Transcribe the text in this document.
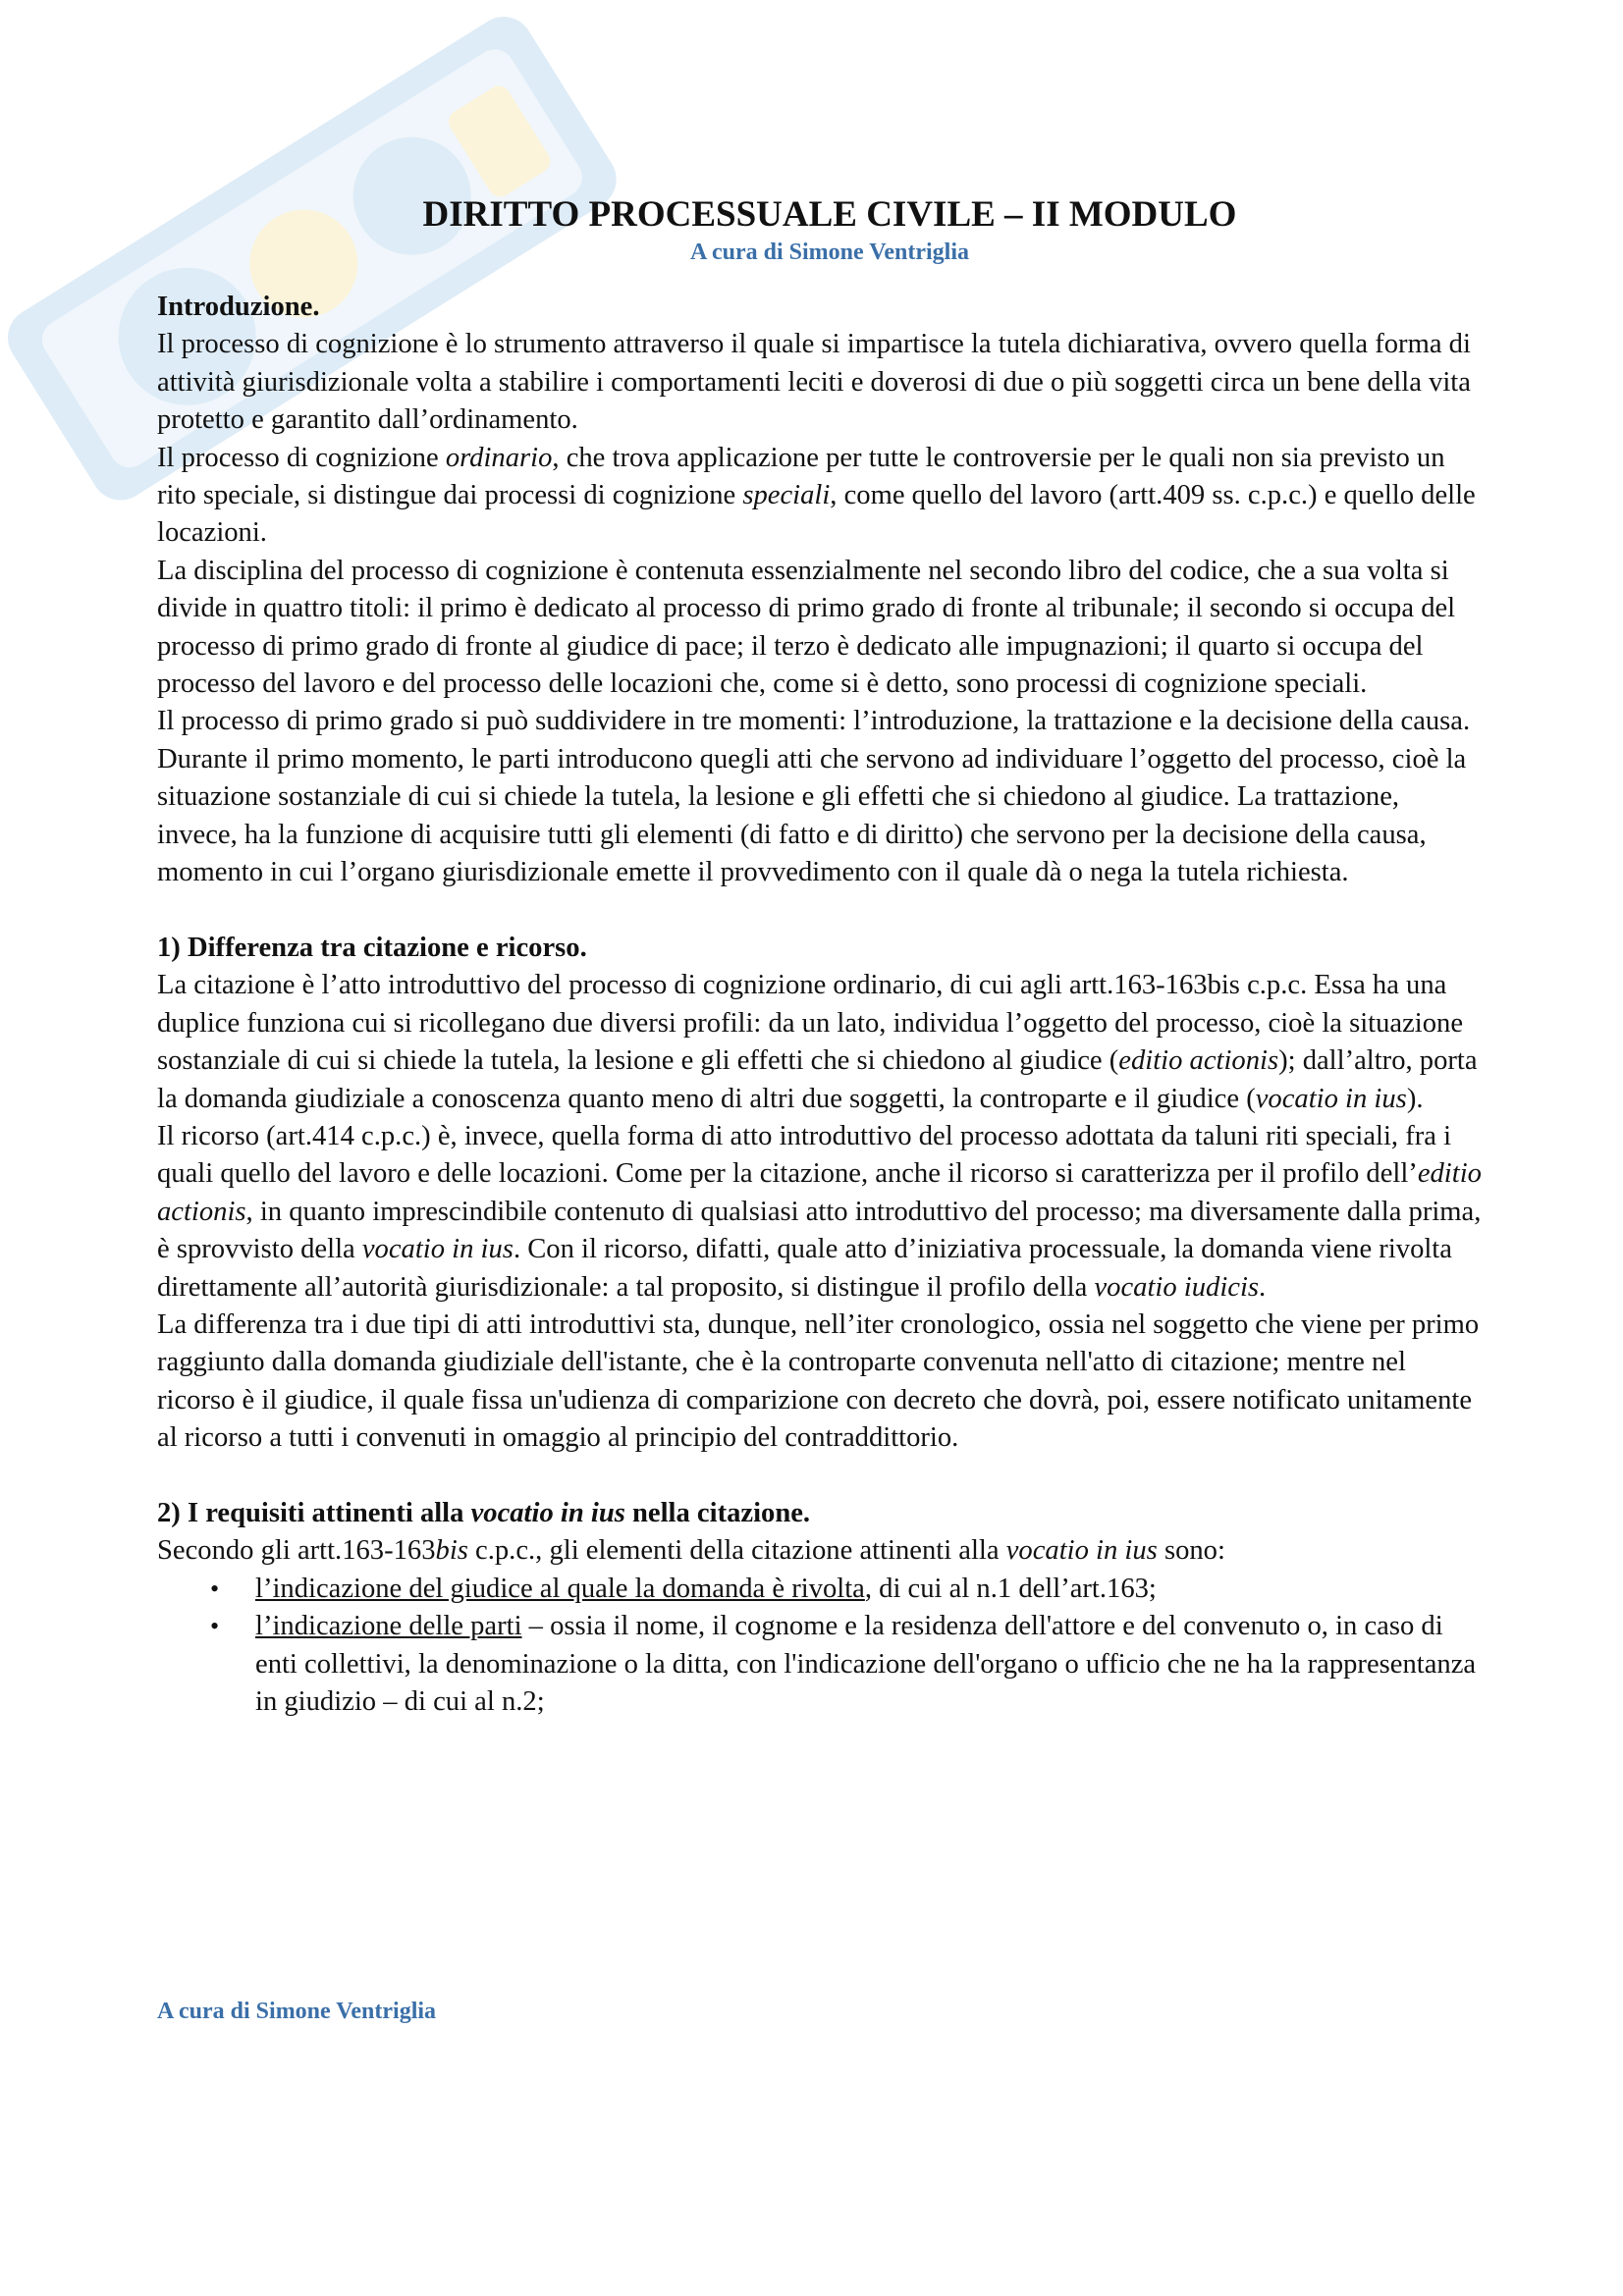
DIRITTO PROCESSUALE CIVILE – II MODULO
A cura di Simone Ventriglia

Introduzione.

Il processo di cognizione è lo strumento attraverso il quale si impartisce la tutela dichiarativa, ovvero quella forma di attività giurisdizionale volta a stabilire i comportamenti leciti e doverosi di due o più soggetti circa un bene della vita protetto e garantito dall’ordinamento.

Il processo di cognizione ordinario, che trova applicazione per tutte le controversie per le quali non sia previsto un rito speciale, si distingue dai processi di cognizione speciali, come quello del lavoro (artt.409 ss. c.p.c.) e quello delle locazioni.

La disciplina del processo di cognizione è contenuta essenzialmente nel secondo libro del codice, che a sua volta si divide in quattro titoli: il primo è dedicato al processo di primo grado di fronte al tribunale; il secondo si occupa del processo di primo grado di fronte al giudice di pace; il terzo è dedicato alle impugnazioni; il quarto si occupa del processo del lavoro e del processo delle locazioni che, come si è detto, sono processi di cognizione speciali.

Il processo di primo grado si può suddividere in tre momenti: l’introduzione, la trattazione e la decisione della causa. Durante il primo momento, le parti introducono quegli atti che servono ad individuare l’oggetto del processo, cioè la situazione sostanziale di cui si chiede la tutela, la lesione e gli effetti che si chiedono al giudice. La trattazione, invece, ha la funzione di acquisire tutti gli elementi (di fatto e di diritto) che servono per la decisione della causa, momento in cui l’organo giurisdizionale emette il provvedimento con il quale dà o nega la tutela richiesta.

1) Differenza tra citazione e ricorso.

La citazione è l’atto introduttivo del processo di cognizione ordinario, di cui agli artt.163-163bis c.p.c. Essa ha una duplice funziona cui si ricollegano due diversi profili: da un lato, individua l’oggetto del processo, cioè la situazione sostanziale di cui si chiede la tutela, la lesione e gli effetti che si chiedono al giudice (editio actionis); dall’altro, porta la domanda giudiziale a conoscenza quanto meno di altri due soggetti, la controparte e il giudice (vocatio in ius).

Il ricorso (art.414 c.p.c.) è, invece, quella forma di atto introduttivo del processo adottata da taluni riti speciali, fra i quali quello del lavoro e delle locazioni. Come per la citazione, anche il ricorso si caratterizza per il profilo dell’editio actionis, in quanto imprescindibile contenuto di qualsiasi atto introduttivo del processo; ma diversamente dalla prima, è sprovvisto della vocatio in ius. Con il ricorso, difatti, quale atto d’iniziativa processuale, la domanda viene rivolta direttamente all’autorità giurisdizionale: a tal proposito, si distingue il profilo della vocatio iudicis.

La differenza tra i due tipi di atti introduttivi sta, dunque, nell’iter cronologico, ossia nel soggetto che viene per primo raggiunto dalla domanda giudiziale dell'istante, che è la controparte convenuta nell'atto di citazione; mentre nel ricorso è il giudice, il quale fissa un'udienza di comparizione con decreto che dovrà, poi, essere notificato unitamente al ricorso a tutti i convenuti in omaggio al principio del contraddittorio.

2) I requisiti attinenti alla vocatio in ius nella citazione.

Secondo gli artt.163-163bis c.p.c., gli elementi della citazione attinenti alla vocatio in ius sono:

• l’indicazione del giudice al quale la domanda è rivolta, di cui al n.1 dell’art.163;
• l’indicazione delle parti – ossia il nome, il cognome e la residenza dell'attore e del convenuto o, in caso di enti collettivi, la denominazione o la ditta, con l'indicazione dell'organo o ufficio che ne ha la rappresentanza in giudizio – di cui al n.2;
A cura di Simone Ventriglia
